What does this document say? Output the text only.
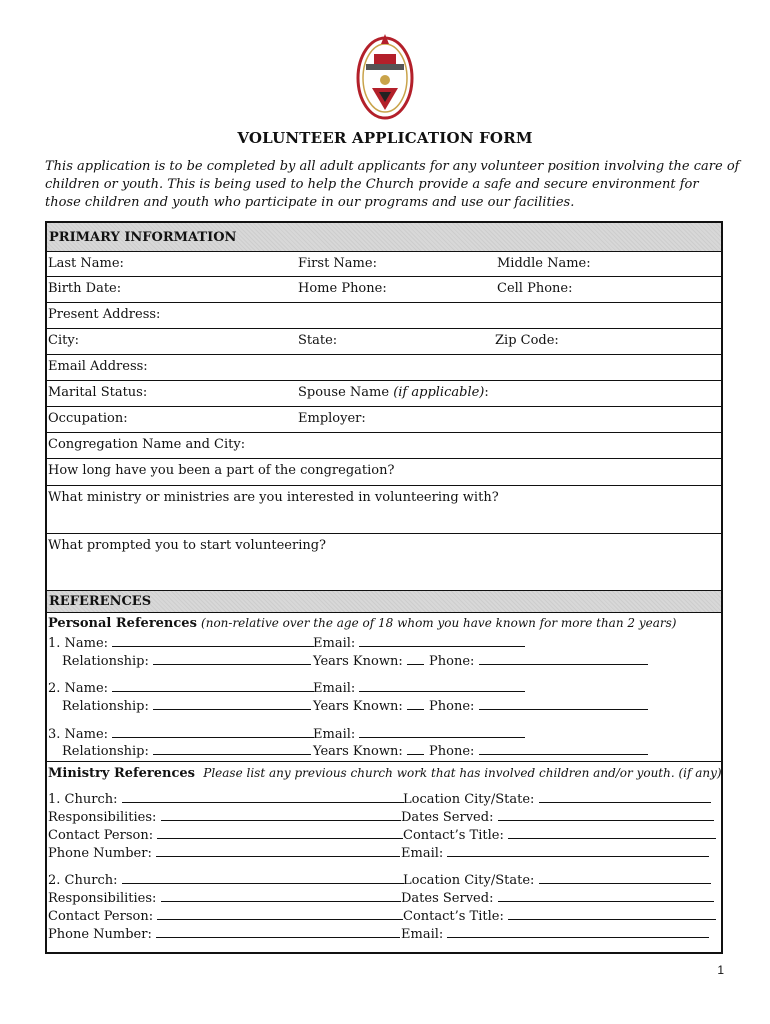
VOLUNTEER APPLICATION FORM
This application is to be completed by all adult applicants for any volunteer position involving the care of
children or youth. This is being used to help the Church provide a safe and secure environment for
those children and youth who participate in our programs and use our facilities.
PRIMARY INFORMATION
Last Name:	First Name:	Middle Name:
Birth Date:	Home Phone:	Cell Phone:
Present Address:
City:	State:	Zip Code:
Email Address:
Marital Status:	Spouse Name (if applicable):
Occupation:	Employer:
Congregation Name and City:
How long have you been a part of the congregation?
What ministry or ministries are you interested in volunteering with?
What prompted you to start volunteering?
REFERENCES
Personal References (non-relative over the age of 18 whom you have known for more than 2 years)
1. Name:	Email:
Relationship:	Years Known:	Phone:
2. Name:	Email:
Relationship:	Years Known:	Phone:
3. Name:	Email:
Relationship:	Years Known:	Phone:
Ministry References Please list any previous church work that has involved children and/or youth. (if any)
1. Church:	Location City/State:
Responsibilities:	Dates Served:
Contact Person:	Contact’s Title:
Phone Number:	Email:
2. Church:	Location City/State:
Responsibilities:	Dates Served:
Contact Person:	Contact’s Title:
Phone Number:	Email:
1
